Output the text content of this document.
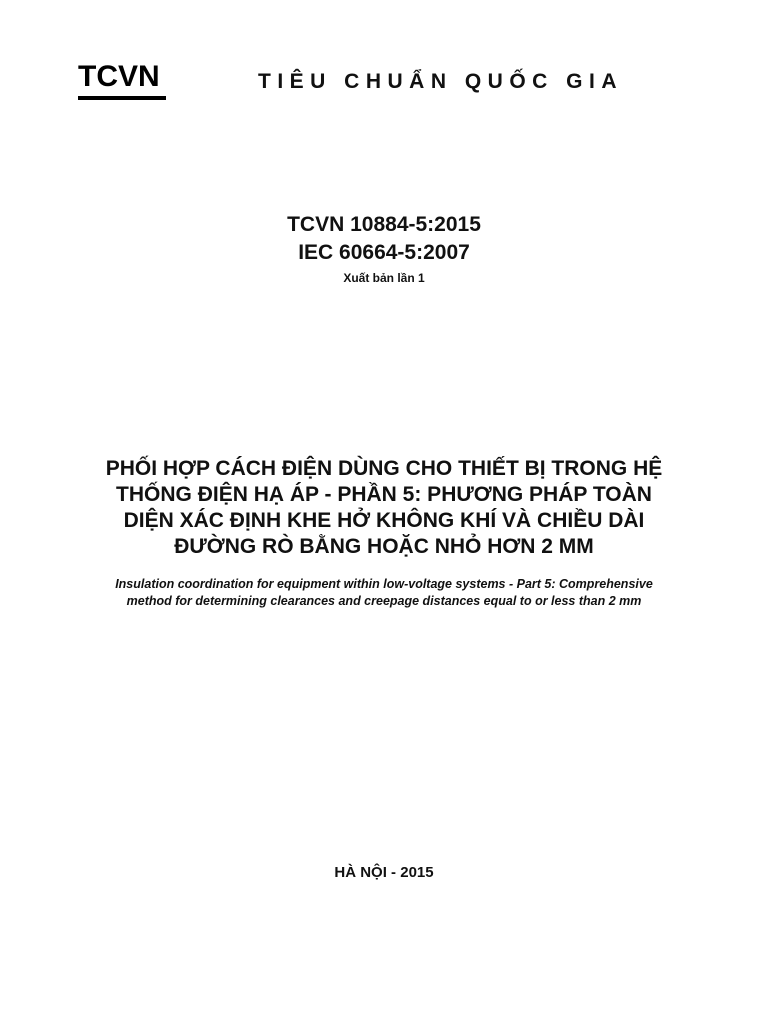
TCVN	TIÊU CHUẨN QUỐC GIA
TCVN 10884-5:2015
IEC 60664-5:2007
Xuất bản lần 1
PHỐI HỢP CÁCH ĐIỆN DÙNG CHO THIẾT BỊ TRONG HỆ
THỐNG ĐIỆN HẠ ÁP - PHẦN 5: PHƯƠNG PHÁP TOÀN
DIỆN XÁC ĐỊNH KHE HỞ KHÔNG KHÍ VÀ CHIỀU DÀI
ĐƯỜNG RÒ BẰNG HOẶC NHỎ HƠN 2 MM
Insulation coordination for equipment within low-voltage systems - Part 5: Comprehensive
method for determining clearances and creepage distances equal to or less than 2 mm
HÀ NỘI - 2015
